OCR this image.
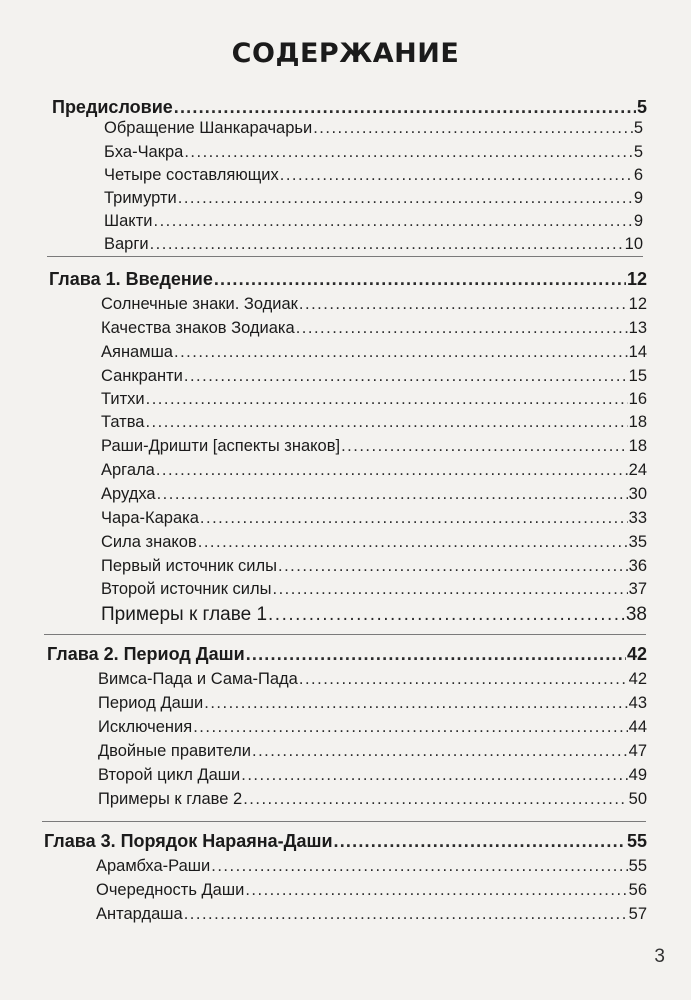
СОДЕРЖАНИЕ
Предисловие .....	5
Обращение Шанкарачарьи .....	5
Бха-Чакра .....	5
Четыре составляющих .....	6
Тримурти .....	9
Шакти .....	9
Варги .....	10
Глава 1. Введение .....	12
Солнечные знаки. Зодиак .....	12
Качества знаков Зодиака .....	13
Аянамша .....	14
Санкранти .....	15
Титхи .....	16
Татва .....	18
Раши-Дришти [аспекты знаков] .....	18
Аргала .....	24
Арудха .....	30
Чара-Карака .....	33
Сила знаков .....	35
Первый источник силы .....	36
Второй источник силы .....	37
Примеры к главе 1 .....	38
Глава 2. Период Даши .....	42
Вимса-Пада и Сама-Пада .....	42
Период Даши .....	43
Исключения .....	44
Двойные правители .....	47
Второй цикл Даши .....	49
Примеры к главе 2 .....	50
Глава 3. Порядок Нараяна-Даши .....	55
Арамбха-Раши .....	55
Очередность Даши .....	56
Антардаша .....	57
3
